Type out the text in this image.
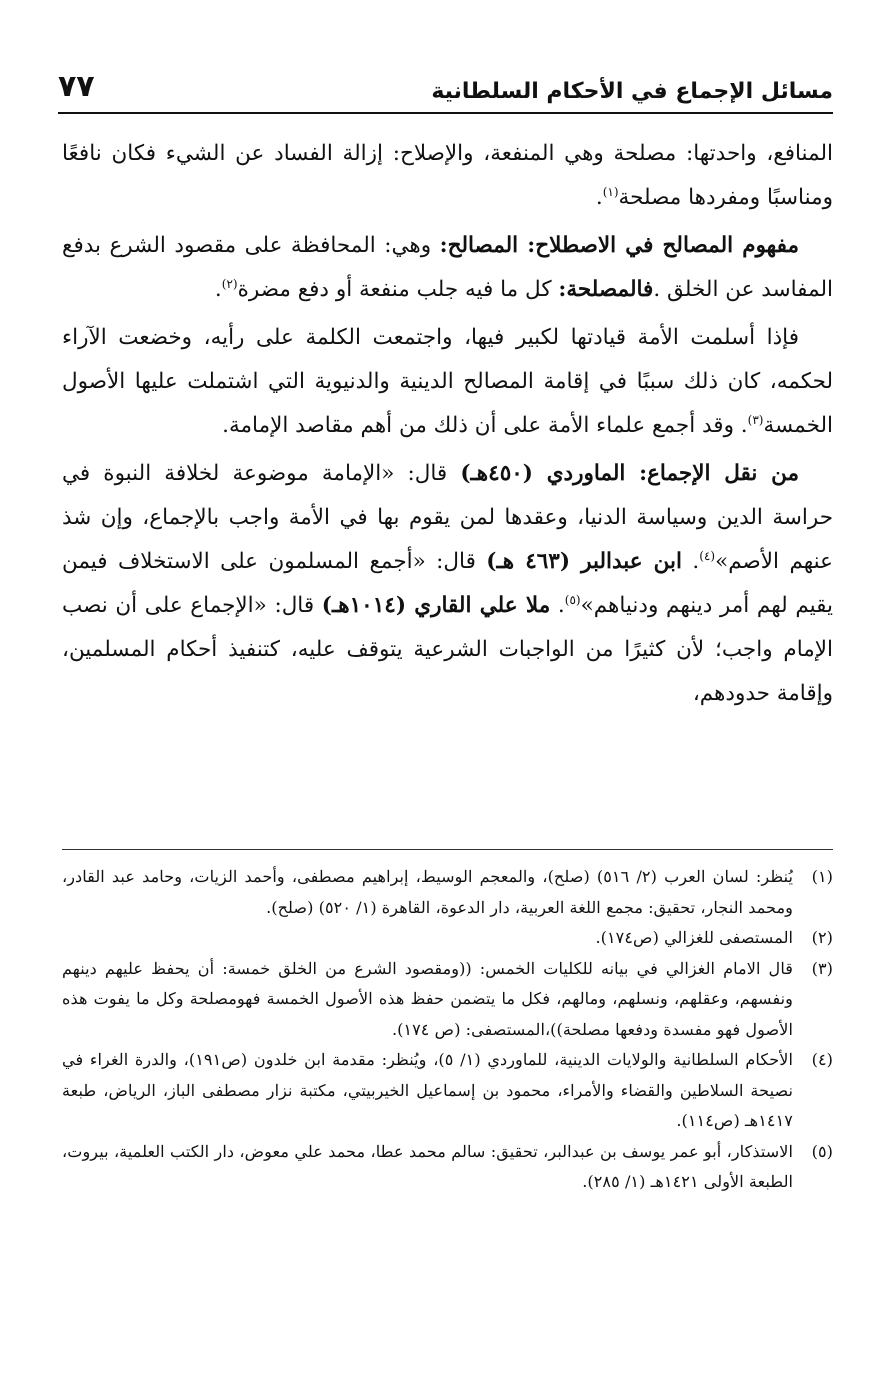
مسائل الإجماع في الأحكام السلطانية
٧٧

المنافع، واحدتها: مصلحة وهي المنفعة، والإصلاح: إزالة الفساد عن الشيء فكان نافعًا ومناسبًا ومفردها مصلحة$^{(١)}$.

مفهوم المصالح في الاصطلاح: المصالح: وهي: المحافظة على مقصود الشرع بدفع المفاسد عن الخلق .فالمصلحة: كل ما فيه جلب منفعة أو دفع مضرة$^{(٢)}$.

فإذا أسلمت الأمة قيادتها لكبير فيها، واجتمعت الكلمة على رأيه، وخضعت الآراء لحكمه، كان ذلك سببًا في إقامة المصالح الدينية والدنيوية التي اشتملت عليها الأصول الخمسة$^{(٣)}$. وقد أجمع علماء الأمة على أن ذلك من أهم مقاصد الإمامة.

من نقل الإجماع: الماوردي (٤٥٠هـ) قال: «الإمامة موضوعة لخلافة النبوة في حراسة الدين وسياسة الدنيا، وعقدها لمن يقوم بها في الأمة واجب بالإجماع، وإن شذ عنهم الأصم»$^{(٤)}$. ابن عبدالبر (٤٦٣ هـ) قال: «أجمع المسلمون على الاستخلاف فيمن يقيم لهم أمر دينهم ودنياهم»$^{(٥)}$. ملا علي القاري (١٠١٤هـ) قال: «الإجماع على أن نصب الإمام واجب؛ لأن كثيرًا من الواجبات الشرعية يتوقف عليه، كتنفيذ أحكام المسلمين، وإقامة حدودهم،

(١)
يُنظر: لسان العرب (٢/ ٥١٦) (صلح)، والمعجم الوسيط، إبراهيم مصطفى، وأحمد الزيات، وحامد عبد القادر، ومحمد النجار، تحقيق: مجمع اللغة العربية، دار الدعوة، القاهرة (١/ ٥٢٠) (صلح).
(٢)
المستصفى للغزالي (ص١٧٤).
(٣)
قال الامام الغزالي في بيانه للكليات الخمس: ((ومقصود الشرع من الخلق خمسة: أن يحفظ عليهم دينهم ونفسهم، وعقلهم، ونسلهم، ومالهم، فكل ما يتضمن حفظ هذه الأصول الخمسة فهومصلحة وكل ما يفوت هذه الأصول فهو مفسدة ودفعها مصلحة))،المستصفى: (ص ١٧٤).
(٤)
الأحكام السلطانية والولايات الدينية، للماوردي (١/ ٥)، ويُنظر: مقدمة ابن خلدون (ص١٩١)، والدرة الغراء في نصيحة السلاطين والقضاء والأمراء، محمود بن إسماعيل الخيربيتي، مكتبة نزار مصطفى الباز، الرياض، طبعة ١٤١٧هـ (ص١١٤).
(٥)
الاستذكار، أبو عمر يوسف بن عبدالبر، تحقيق: سالم محمد عطا، محمد علي معوض، دار الكتب العلمية، بيروت، الطبعة الأولى ١٤٢١هـ (١/ ٢٨٥).
